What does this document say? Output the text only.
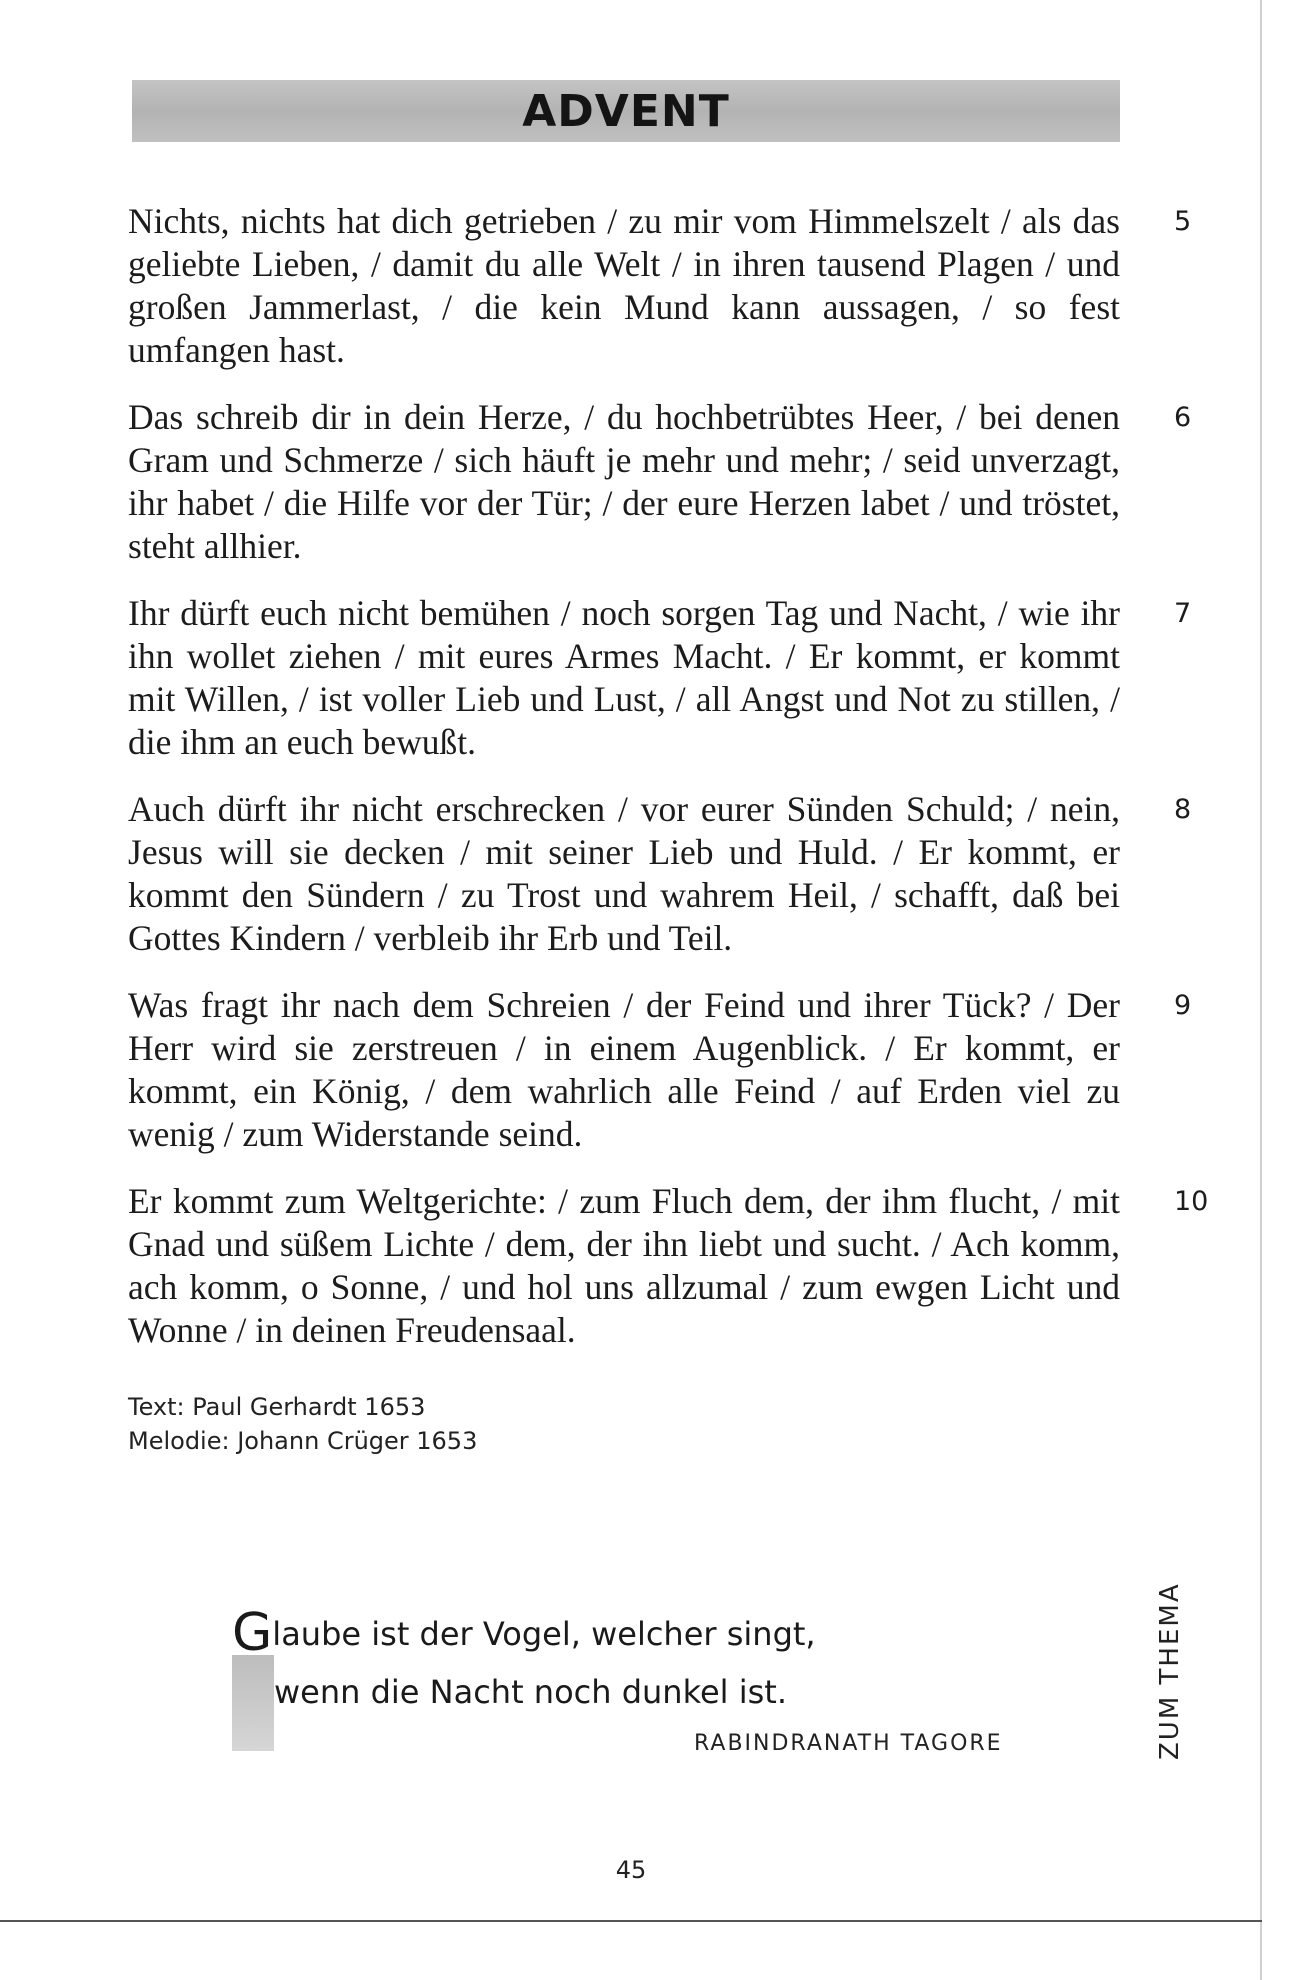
ADVENT

Nichts, nichts hat dich getrieben / zu mir vom Himmelszelt / als das geliebte Lieben, / damit du alle Welt / in ihren tausend Plagen / und großen Jammerlast, / die kein Mund kann aussagen, / so fest umfangen hast.

5

Das schreib dir in dein Herze, / du hochbetrübtes Heer, / bei denen Gram und Schmerze / sich häuft je mehr und mehr; / seid unverzagt, ihr habet / die Hilfe vor der Tür; / der eure Herzen labet / und tröstet, steht allhier.

6

Ihr dürft euch nicht bemühen / noch sorgen Tag und Nacht, / wie ihr ihn wollet ziehen / mit eures Armes Macht. / Er kommt, er kommt mit Willen, / ist voller Lieb und Lust, / all Angst und Not zu stillen, / die ihm an euch bewußt.

7

Auch dürft ihr nicht erschrecken / vor eurer Sünden Schuld; / nein, Jesus will sie decken / mit seiner Lieb und Huld. / Er kommt, er kommt den Sündern / zu Trost und wahrem Heil, / schafft, daß bei Gottes Kindern / verbleib ihr Erb und Teil.

8

Was fragt ihr nach dem Schreien / der Feind und ihrer Tück? / Der Herr wird sie zerstreuen / in einem Augenblick. / Er kommt, er kommt, ein König, / dem wahrlich alle Feind / auf Erden viel zu wenig / zum Widerstande seind.

9

Er kommt zum Weltgerichte: / zum Fluch dem, der ihm flucht, / mit Gnad und süßem Lichte / dem, der ihn liebt und sucht. / Ach komm, ach komm, o Sonne, / und hol uns allzumal / zum ewgen Licht und Wonne / in deinen Freudensaal.

10
Text: Paul Gerhardt 1653
Melodie: Johann Crüger 1653
Glaube ist der Vogel, welcher singt,
wenn die Nacht noch dunkel ist.
RABINDRANATH TAGORE	ZUM THEMA
45
